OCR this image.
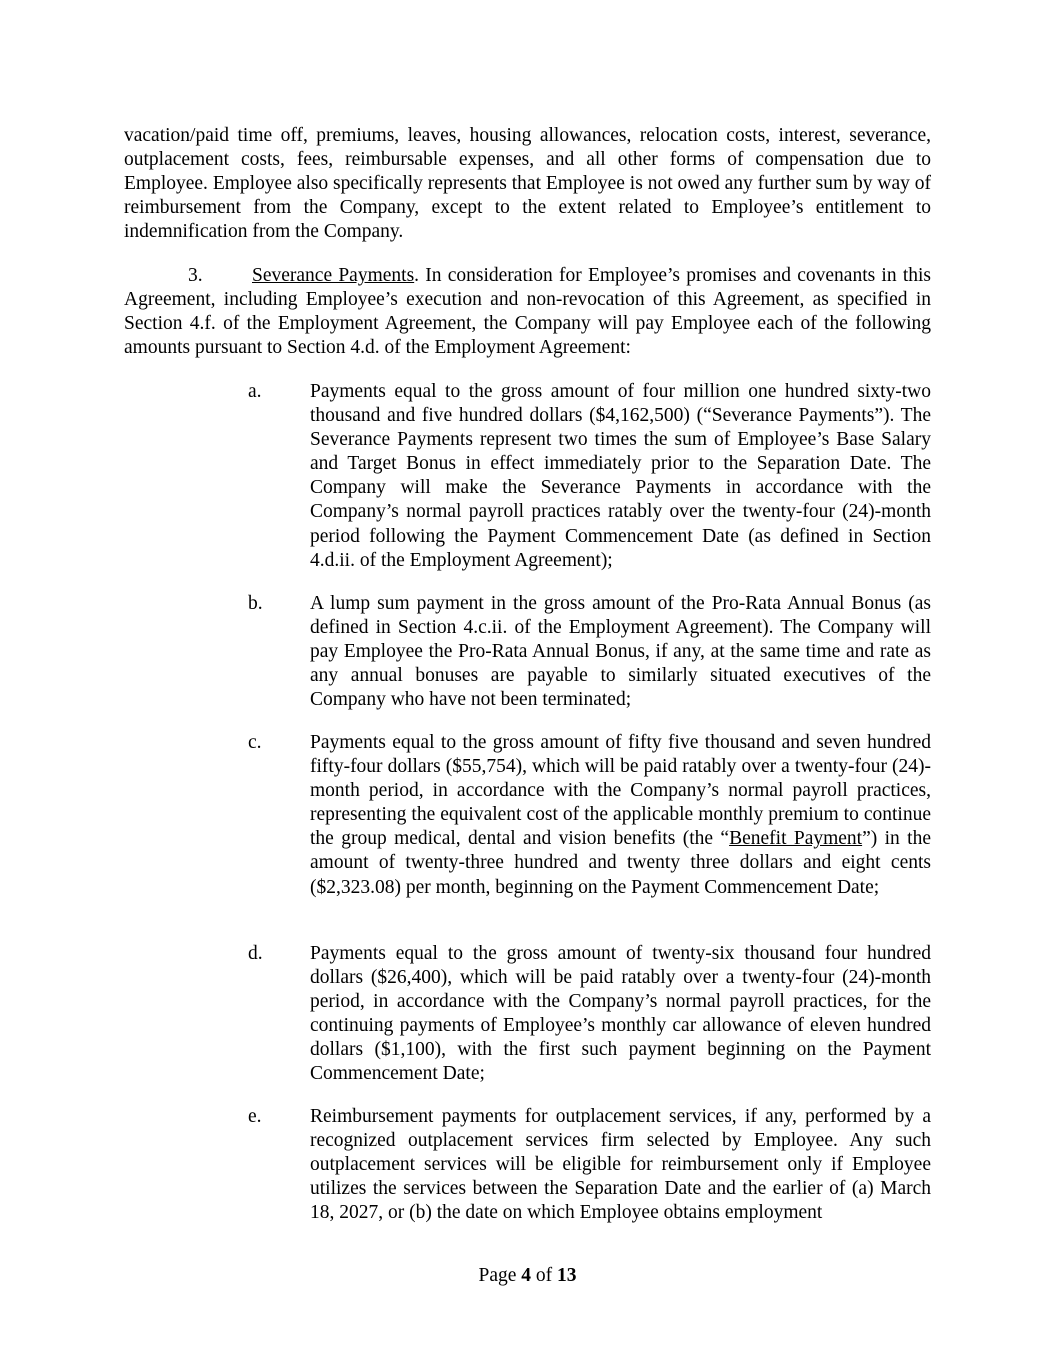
vacation/paid time off, premiums, leaves, housing allowances, relocation costs, interest, severance, outplacement costs, fees, reimbursable expenses, and all other forms of compensation due to Employee. Employee also specifically represents that Employee is not owed any further sum by way of reimbursement from the Company, except to the extent related to Employee’s entitlement to indemnification from the Company.

3.	Severance Payments. In consideration for Employee’s promises and covenants in this Agreement, including Employee’s execution and non-revocation of this Agreement, as specified in Section 4.f. of the Employment Agreement, the Company will pay Employee each of the following amounts pursuant to Section 4.d. of the Employment Agreement:

a.	Payments equal to the gross amount of four million one hundred sixty-two thousand and five hundred dollars ($4,162,500) (“Severance Payments”). The Severance Payments represent two times the sum of Employee’s Base Salary and Target Bonus in effect immediately prior to the Separation Date. The Company will make the Severance Payments in accordance with the Company’s normal payroll practices ratably over the twenty-four (24)-month period following the Payment Commencement Date (as defined in Section 4.d.ii. of the Employment Agreement);

b.	A lump sum payment in the gross amount of the Pro-Rata Annual Bonus (as defined in Section 4.c.ii. of the Employment Agreement). The Company will pay Employee the Pro-Rata Annual Bonus, if any, at the same time and rate as any annual bonuses are payable to similarly situated executives of the Company who have not been terminated;

c.	Payments equal to the gross amount of fifty five thousand and seven hundred fifty-four dollars ($55,754), which will be paid ratably over a twenty-four (24)-month period, in accordance with the Company’s normal payroll practices, representing the equivalent cost of the applicable monthly premium to continue the group medical, dental and vision benefits (the “Benefit Payment”) in the amount of twenty-three hundred and twenty three dollars and eight cents ($2,323.08) per month, beginning on the Payment Commencement Date;

d.	Payments equal to the gross amount of twenty-six thousand four hundred dollars ($26,400), which will be paid ratably over a twenty-four (24)-month period, in accordance with the Company’s normal payroll practices, for the continuing payments of Employee’s monthly car allowance of eleven hundred dollars ($1,100), with the first such payment beginning on the Payment Commencement Date;

e.	Reimbursement payments for outplacement services, if any, performed by a recognized outplacement services firm selected by Employee. Any such outplacement services will be eligible for reimbursement only if Employee utilizes the services between the Separation Date and the earlier of (a) March 18, 2027, or (b) the date on which Employee obtains employment

Page 4 of 13
